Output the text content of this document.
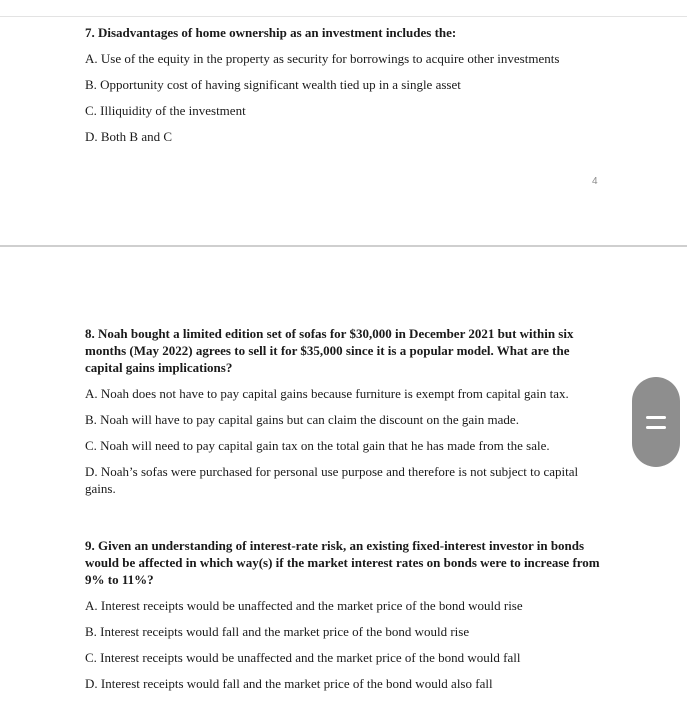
7. Disadvantages of home ownership as an investment includes the:

A. Use of the equity in the property as security for borrowings to acquire other investments
B. Opportunity cost of having significant wealth tied up in a single asset
C. Illiquidity of the investment
D. Both B and C
4

8. Noah bought a limited edition set of sofas for $30,000 in December 2021 but within six months (May 2022) agrees to sell it for $35,000 since it is a popular model. What are the capital gains implications?

A. Noah does not have to pay capital gains because furniture is exempt from capital gain tax.
B. Noah will have to pay capital gains but can claim the discount on the gain made.
C. Noah will need to pay capital gain tax on the total gain that he has made from the sale.
D. Noah’s sofas were purchased for personal use purpose and therefore is not subject to capital gains.

9. Given an understanding of interest-rate risk, an existing fixed-interest investor in bonds would be affected in which way(s) if the market interest rates on bonds were to increase from 9% to 11%?

A. Interest receipts would be unaffected and the market price of the bond would rise
B. Interest receipts would fall and the market price of the bond would rise
C. Interest receipts would be unaffected and the market price of the bond would fall
D. Interest receipts would fall and the market price of the bond would also fall
